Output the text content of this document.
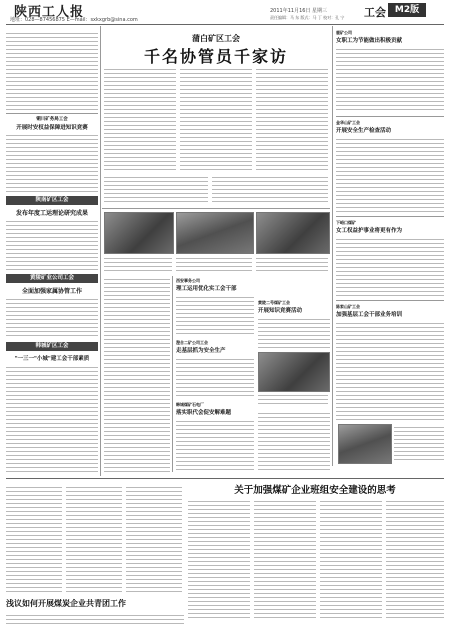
陕西工人报
地址：028—87456875 E—mail：sxkxgrb@sina.com
2011年11月16日 星期三	工会 M2版
责任编辑：马 东 版式：马 丁 校对：孔 宁
铜川矿务局工会
开展时安权益保障进知识竞赛
陕南矿区工会
发布年度工运理论研究成果
黄陵矿业公司工会
全面加强家属协管工作
韩城矿区工会
"一三一"小城"建工会干部素质
蒲白矿区工会
千名协管员千家访
西安事务公司
理工运用优化实工会干部
黄陵二号煤矿工会
开展知识竞赛活动
澄合二矿公司工会
走基层抓为安全生产
韩城煤矿石电厂
落实职代会促安解难题
鹿矿公司
女职工为节能做出积极贡献
金华山矿工会
开展安全生产检查活动
下峪口煤矿
女工权益护事业将更有作为
陈家山矿工会
加强基层工会干部业务培训
关于加强煤矿企业班组安全建设的思考
浅议如何开展煤炭企业共青团工作
